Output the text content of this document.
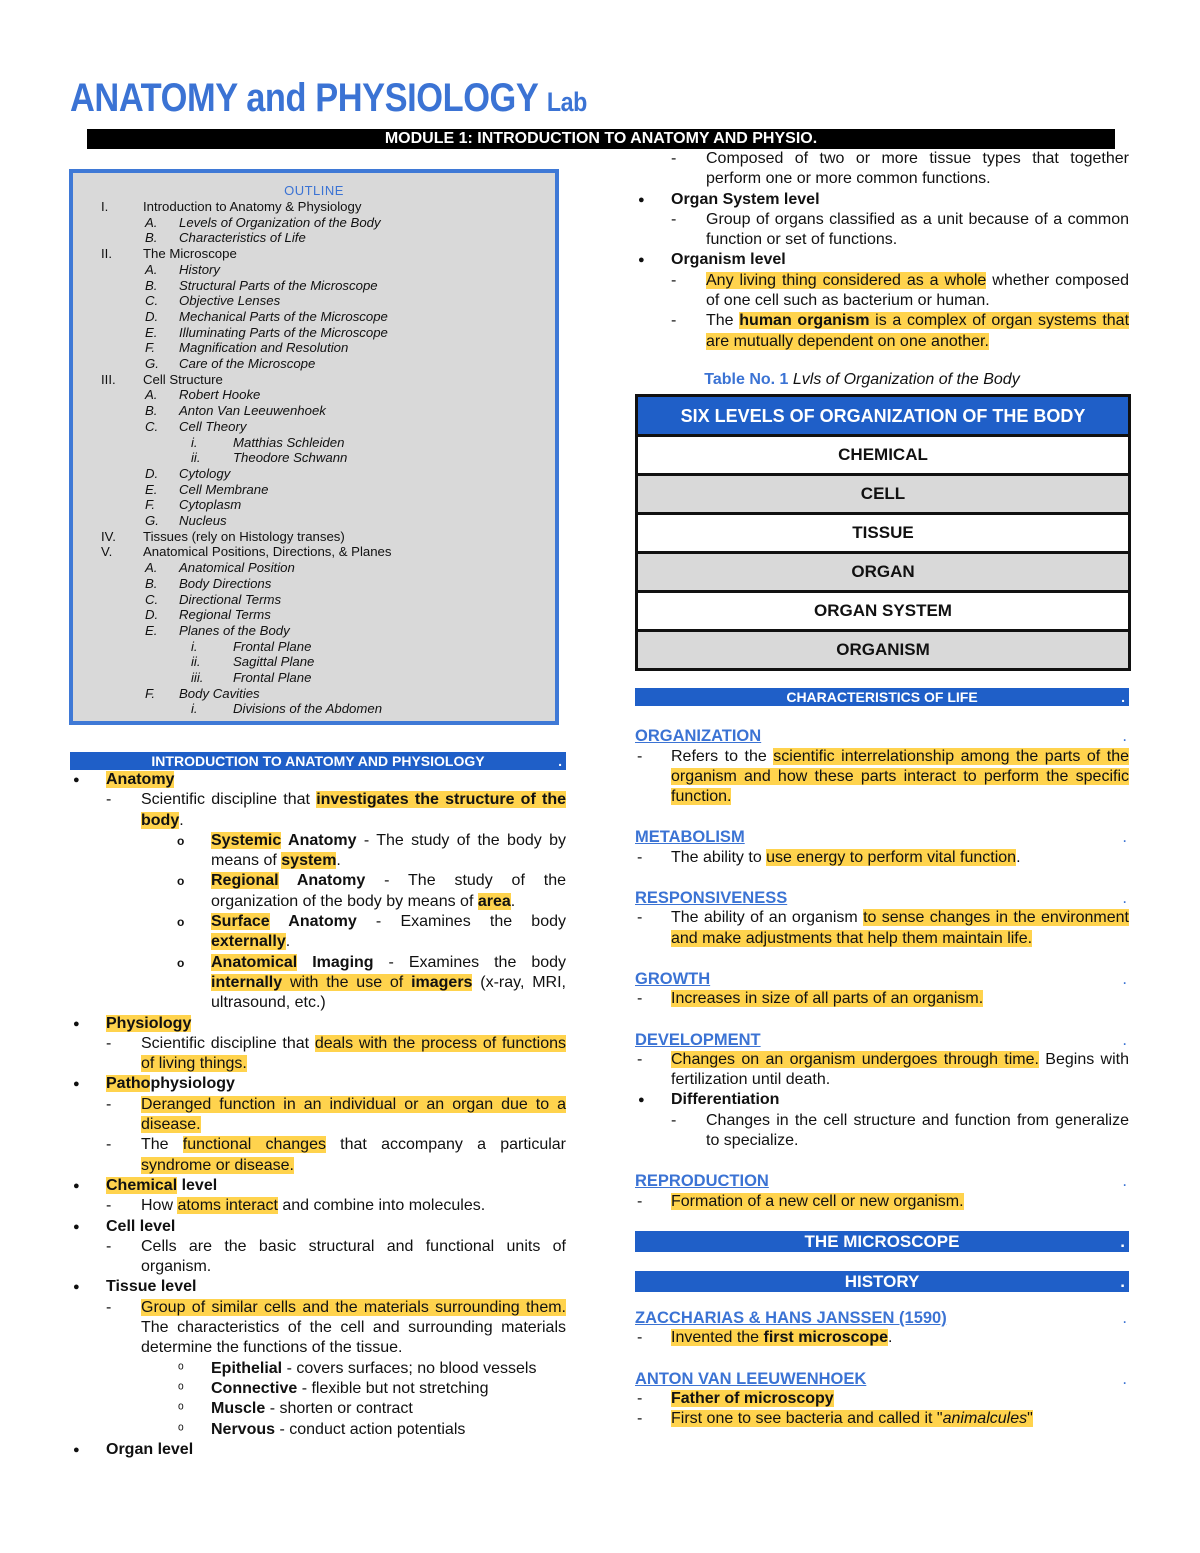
ANATOMY and PHYSIOLOGY Lab
MODULE 1: INTRODUCTION TO ANATOMY AND PHYSIO.
OUTLINE
I.	Introduction to Anatomy & Physiology
A. Levels of Organization of the Body
B. Characteristics of Life
II. The Microscope
A. History
B. Structural Parts of the Microscope
C. Objective Lenses
D. Mechanical Parts of the Microscope
E. Illuminating Parts of the Microscope
F. Magnification and Resolution
G. Care of the Microscope
III. Cell Structure
A. Robert Hooke
B. Anton Van Leeuwenhoek
C. Cell Theory
i.	Matthias Schleiden
ii. Theodore Schwann
D. Cytology
E. Cell Membrane
F. Cytoplasm
G. Nucleus
IV. Tissues (rely on Histology transes)
V. Anatomical Positions, Directions, & Planes
A. Anatomical Position
B. Body Directions
C. Directional Terms
D. Regional Terms
E. Planes of the Body
i.	Frontal Plane
ii. Sagittal Plane
iii. Frontal Plane
F. Body Cavities
i.	Divisions of the Abdomen
INTRODUCTION TO ANATOMY AND PHYSIOLOGY	.
● Anatomy
- Scientific discipline that investigates the structure of the body.
o Systemic Anatomy - The study of the body by means of system.
o Regional Anatomy - The study of the organization of the body by means of area.
o Surface Anatomy - Examines the body externally.
o Anatomical Imaging - Examines the body internally with the use of imagers (x-ray, MRI, ultrasound, etc.)
● Physiology
- Scientific discipline that deals with the process of functions of living things.
● Pathophysiology
- Deranged function in an individual or an organ due to a disease.
- The functional changes that accompany a particular syndrome or disease.
● Chemical level
- How atoms interact and combine into molecules.
● Cell level
- Cells are the basic structural and functional units of organism.
● Tissue level
- Group of similar cells and the materials surrounding them. The characteristics of the cell and surrounding materials determine the functions of the tissue.
ᵒ Epithelial - covers surfaces; no blood vessels
ᵒ Connective - flexible but not stretching
ᵒ Muscle - shorten or contract
ᵒ Nervous - conduct action potentials
● Organ level
- Composed of two or more tissue types that together perform one or more common functions.
● Organ System level
- Group of organs classified as a unit because of a common function or set of functions.
● Organism level
- Any living thing considered as a whole whether composed of one cell such as bacterium or human.
- The human organism is a complex of organ systems that are mutually dependent on one another.
Table No. 1 Lvls of Organization of the Body
SIX LEVELS OF ORGANIZATION OF THE BODY
CHEMICAL
CELL
TISSUE
ORGAN
ORGAN SYSTEM
ORGANISM
CHARACTERISTICS OF LIFE	.
ORGANIZATION	.
- Refers to the scientific interrelationship among the parts of the organism and how these parts interact to perform the specific function.
METABOLISM	.
- The ability to use energy to perform vital function.
RESPONSIVENESS	.
- The ability of an organism to sense changes in the environment and make adjustments that help them maintain life.
GROWTH	.
- Increases in size of all parts of an organism.
DEVELOPMENT	.
- Changes on an organism undergoes through time. Begins with fertilization until death.
● Differentiation
- Changes in the cell structure and function from generalize to specialize.
REPRODUCTION	.
- Formation of a new cell or new organism.
THE MICROSCOPE	.
HISTORY	.
ZACCHARIAS & HANS JANSSEN (1590)	.
- Invented the first microscope.
ANTON VAN LEEUWENHOEK	.
- Father of microscopy
- First one to see bacteria and called it "animalcules"
